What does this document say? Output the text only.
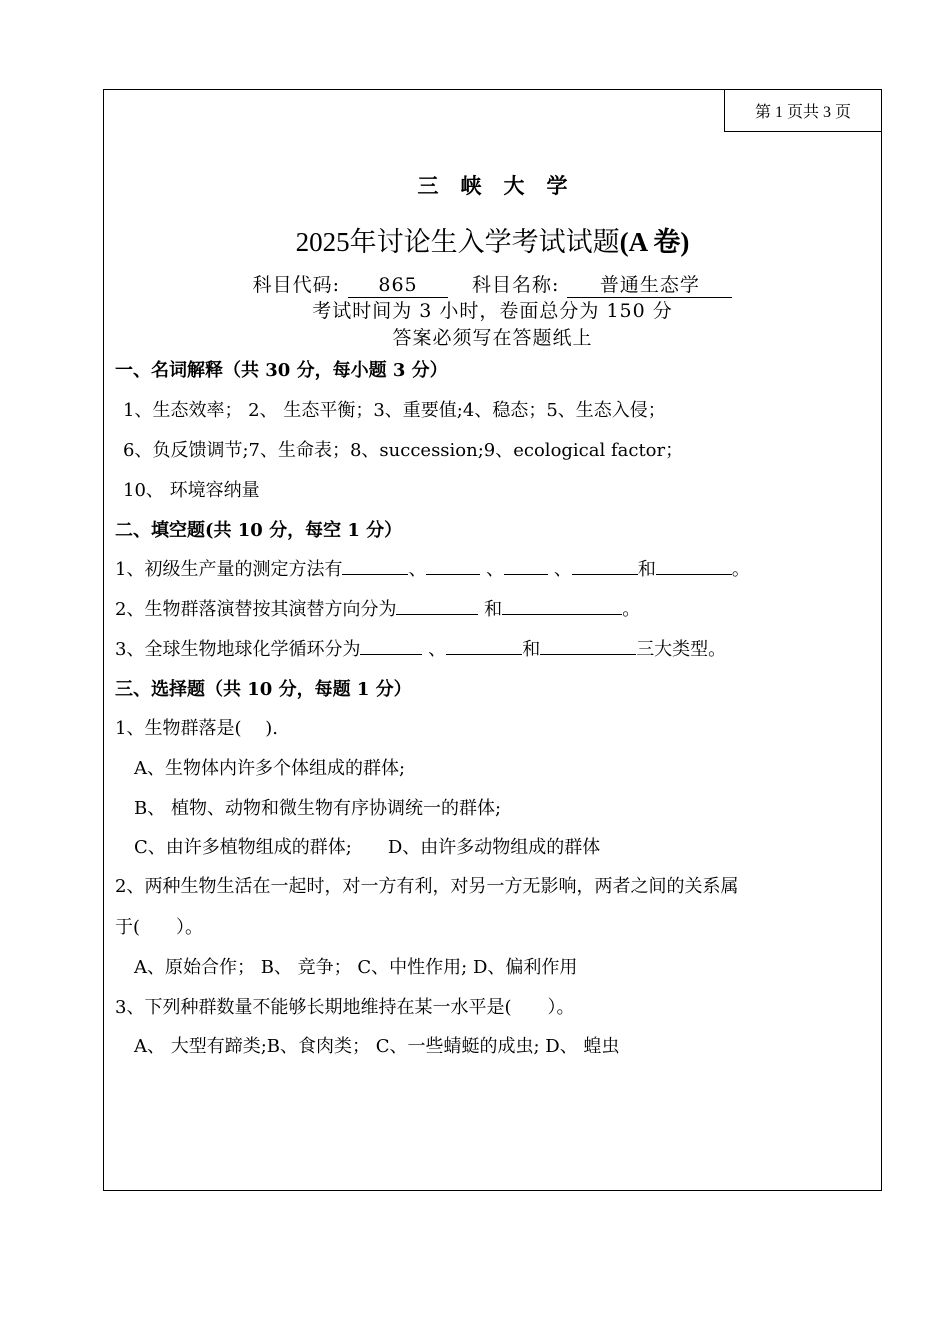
第 1 页共 3 页
三峡大学
2025年讨论生入学考试试题(A 卷)
科目代码: 865	科目名称: 普通生态学
考试时间为 3 小时，卷面总分为 150 分
答案必须写在答题纸上
一、名词解释（共 30 分，每小题 3 分）
1、生态效率； 2、 生态平衡；3、重要值;4、稳态；5、生态入侵；
6、负反馈调节;7、生命表；8、succession;9、ecological factor；
10、 环境容纳量
二、填空题(共 10 分，每空 1 分）
1、初级生产量的测定方法有	、	、 、	和	。
2、生物群落演替按其演替方向分为	和	。
3、全球生物地球化学循环分为	、	和	三大类型。
三、选择题（共 10 分，每题 1 分）
1、生物群落是(　 ).
A、生物体内许多个体组成的群体;
B、 植物、动物和微生物有序协调统一的群体;
C、由许多植物组成的群体;　　D、由许多动物组成的群体
2、两种生物生活在一起时，对一方有利，对另一方无影响，两者之间的关系属
于(　　）。
A、原始合作； B、 竞争； C、中性作用; D、偏利作用
3、下列种群数量不能够长期地维持在某一水平是(　　）。
A、 大型有蹄类;B、食肉类； C、一些蜻蜓的成虫; D、 蝗虫
